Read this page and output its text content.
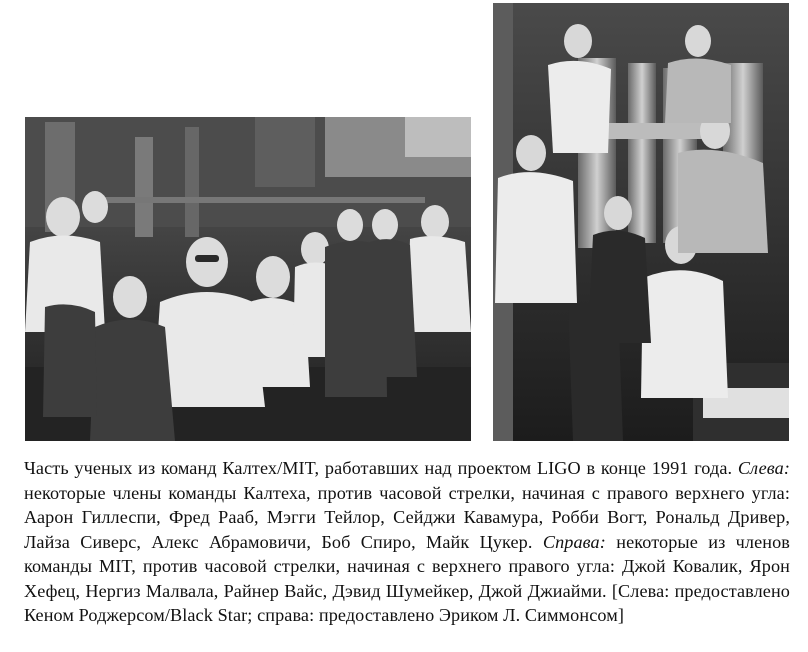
Часть ученых из команд Калтех/MIT, работавших над проектом LIGO в конце 1991 года. Слева: некоторые члены команды Калтеха, против часовой стрелки, начиная с правого верхнего угла: Аарон Гиллеспи, Фред Рааб, Мэгги Тейлор, Сейджи Кавамура, Робби Вогт, Рональд Дривер, Лайза Сиверс, Алекс Абрамовичи, Боб Спиро, Майк Цукер. Справа: некоторые из членов команды MIT, против часовой стрелки, начиная с верхнего правого угла: Джой Ковалик, Ярон Хефец, Нергиз Малвала, Райнер Вайс, Дэвид Шумейкер, Джой Джиайми. [Слева: предоставлено Кеном Роджерсом/Black Star; справа: предоставлено Эриком Л. Симмонсом]
